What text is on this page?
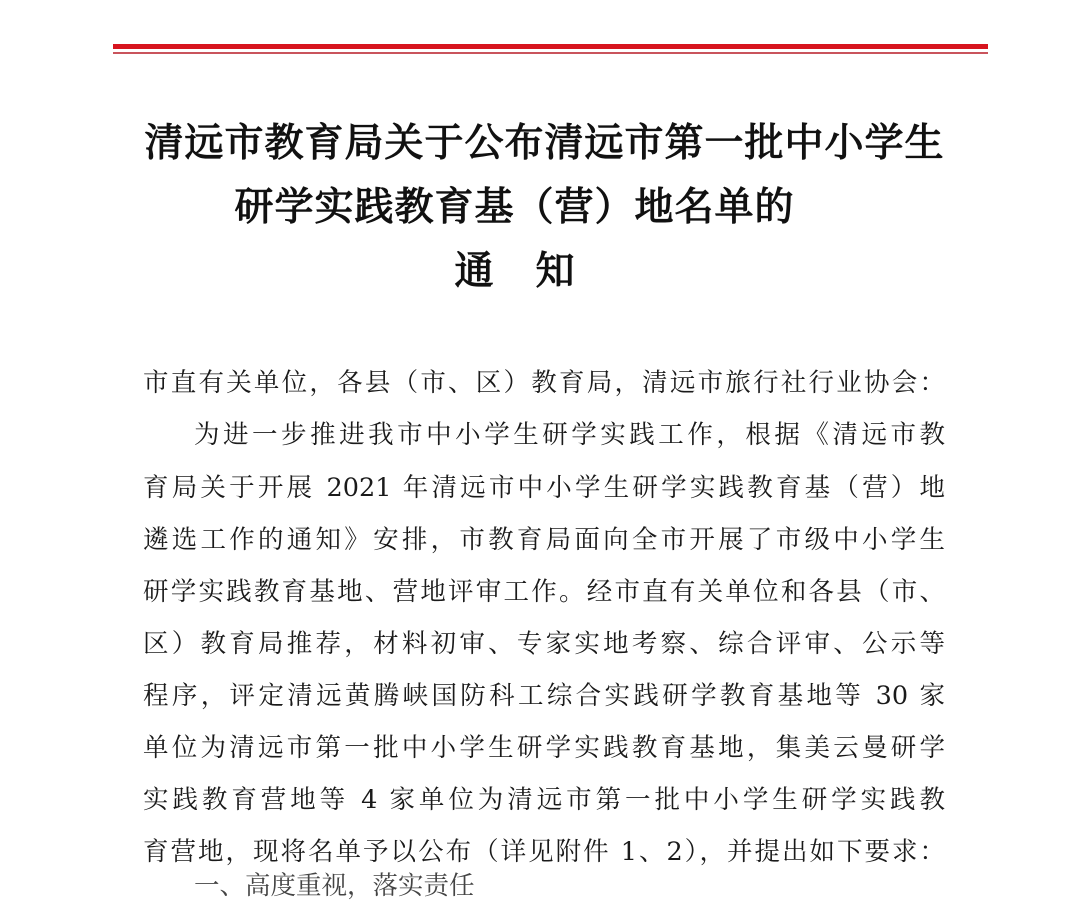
清远市教育局关于公布清远市第一批中小学生
研学实践教育基（营）地名单的
通 知
市直有关单位，各县（市、区）教育局，清远市旅行社行业协会：
为进一步推进我市中小学生研学实践工作，根据《清远市教
育局关于开展 2021 年清远市中小学生研学实践教育基（营）地
遴选工作的通知》安排，市教育局面向全市开展了市级中小学生
研学实践教育基地、营地评审工作。经市直有关单位和各县（市、
区）教育局推荐，材料初审、专家实地考察、综合评审、公示等
程序，评定清远黄腾峡国防科工综合实践研学教育基地等 30 家
单位为清远市第一批中小学生研学实践教育基地，集美云曼研学
实践教育营地等 4 家单位为清远市第一批中小学生研学实践教
育营地，现将名单予以公布（详见附件 1、2），并提出如下要求：
一、高度重视，落实责任
